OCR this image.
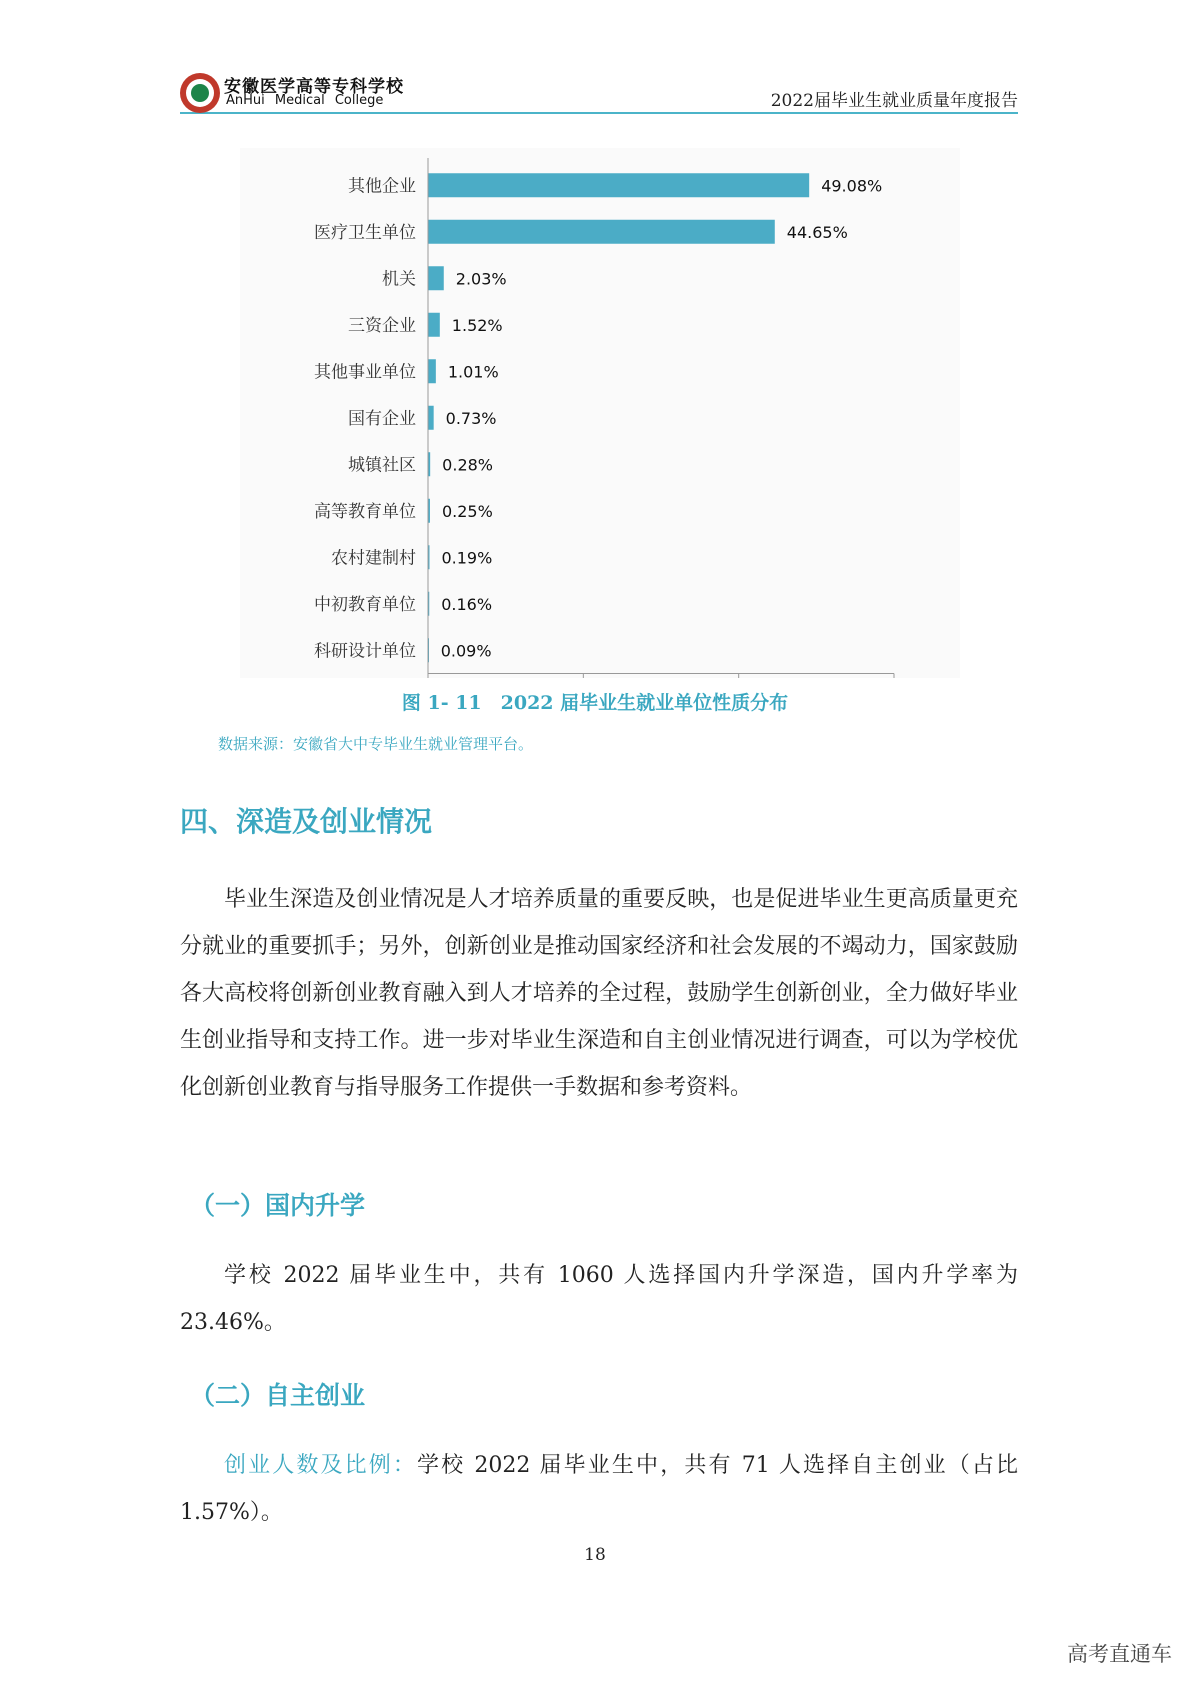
安徽医学高等专科学校
AnHui Medical College	2022届毕业生就业质量年度报告
其他企业	49.08%
医疗卫生单位	44.65%
机关 2.03%
三资企业 1.52%
其他事业单位 1.01%
国有企业 0.73%
城镇社区 0.28%
高等教育单位 0.25%
农村建制村 0.19%
中初教育单位 0.16%
科研设计单位 0.09%
图 1- 11　2022 届毕业生就业单位性质分布
数据来源：安徽省大中专毕业生就业管理平台。
四、深造及创业情况

毕业生深造及创业情况是人才培养质量的重要反映，也是促进毕业生更高质量更充分就业的重要抓手；另外，创新创业是推动国家经济和社会发展的不竭动力，国家鼓励各大高校将创新创业教育融入到人才培养的全过程，鼓励学生创新创业，全力做好毕业生创业指导和支持工作。进一步对毕业生深造和自主创业情况进行调查，可以为学校优化创新创业教育与指导服务工作提供一手数据和参考资料。

（一）国内升学

学校 2022 届毕业生中，共有 1060 人选择国内升学深造，国内升学率为 23.46%。

（二）自主创业

创业人数及比例：学校 2022 届毕业生中，共有 71 人选择自主创业（占比 1.57%）。

18
高考直通车
